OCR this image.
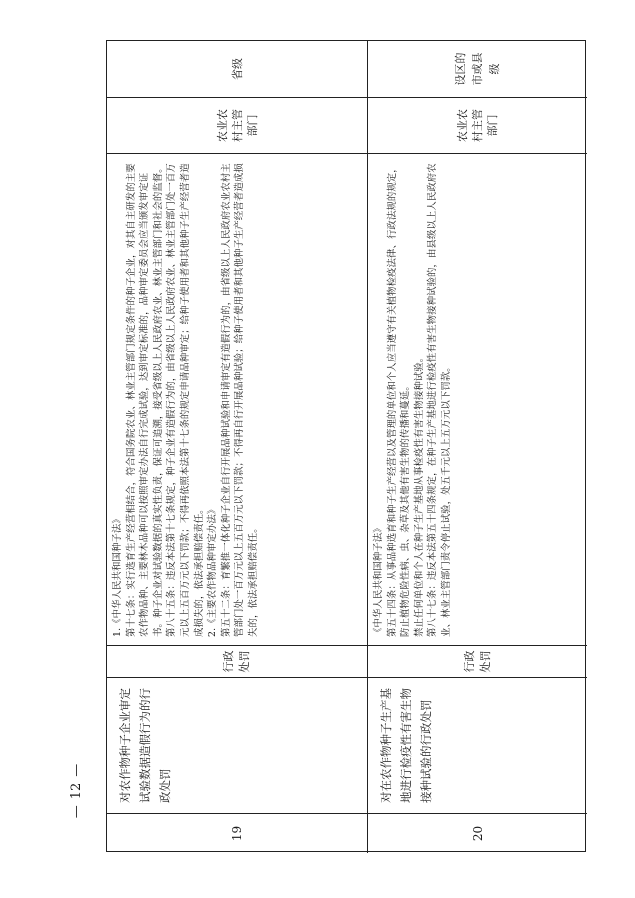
19
对农作物种子企业审定试验数据造假行为的行政处罚
行政处罚
1.《中华人民共和国种子法》 第十七条：实行选育生产经营相结合，符合国务院农业、林业主管部门规定条件的种子企业，对其自主研发的主要农作物品种、主要林木品种可以按照审定办法自行完成试验，达到审定标准的，品种审定委员会应当颁发审定证书。种子企业对试验数据的真实性负责，保证可追溯，接受省级以上人民政府农业、林业主管部门和社会的监督。 第八十五条：违反本法第十七条规定，种子企业有造假行为的，由省级以上人民政府农业、林业主管部门处一百万元以上五百万元以下罚款；不得再依照本法第十七条的规定申请品种审定；给种子使用者和其他种子生产经营者造成损失的，依法承担赔偿责任。 2.《主要农作物品种审定办法》 第五十二条：育繁推一体化种子企业自行开展品种试验和申请审定有造假行为的，由省级以上人民政府农业农村主管部门处一百万元以上五百万元以下罚款；不得再自行开展品种试验；给种子使用者和其他种子生产经营者造成损失的，依法承担赔偿责任。
农业农村主管部门
省级
20
对在农作物种子生产基地进行检疫性有害生物接种试验的行政处罚
行政处罚
《中华人民共和国种子法》 第五十四条：从事品种选育和种子生产经营以及管理的单位和个人应当遵守有关植物检疫法律、行政法规的规定，防止植物危险性病、虫、杂草及其他有害生物的传播和蔓延。 禁止任何单位和个人在种子生产基地从事检疫性有害生物接种试验。 第八十七条：违反本法第五十四条规定，在种子生产基地进行检疫性有害生物接种试验的，由县级以上人民政府农业、林业主管部门责令停止试验，处五千元以上五万元以下罚款。
农业农村主管部门
设区的市或县级
—
12
—
